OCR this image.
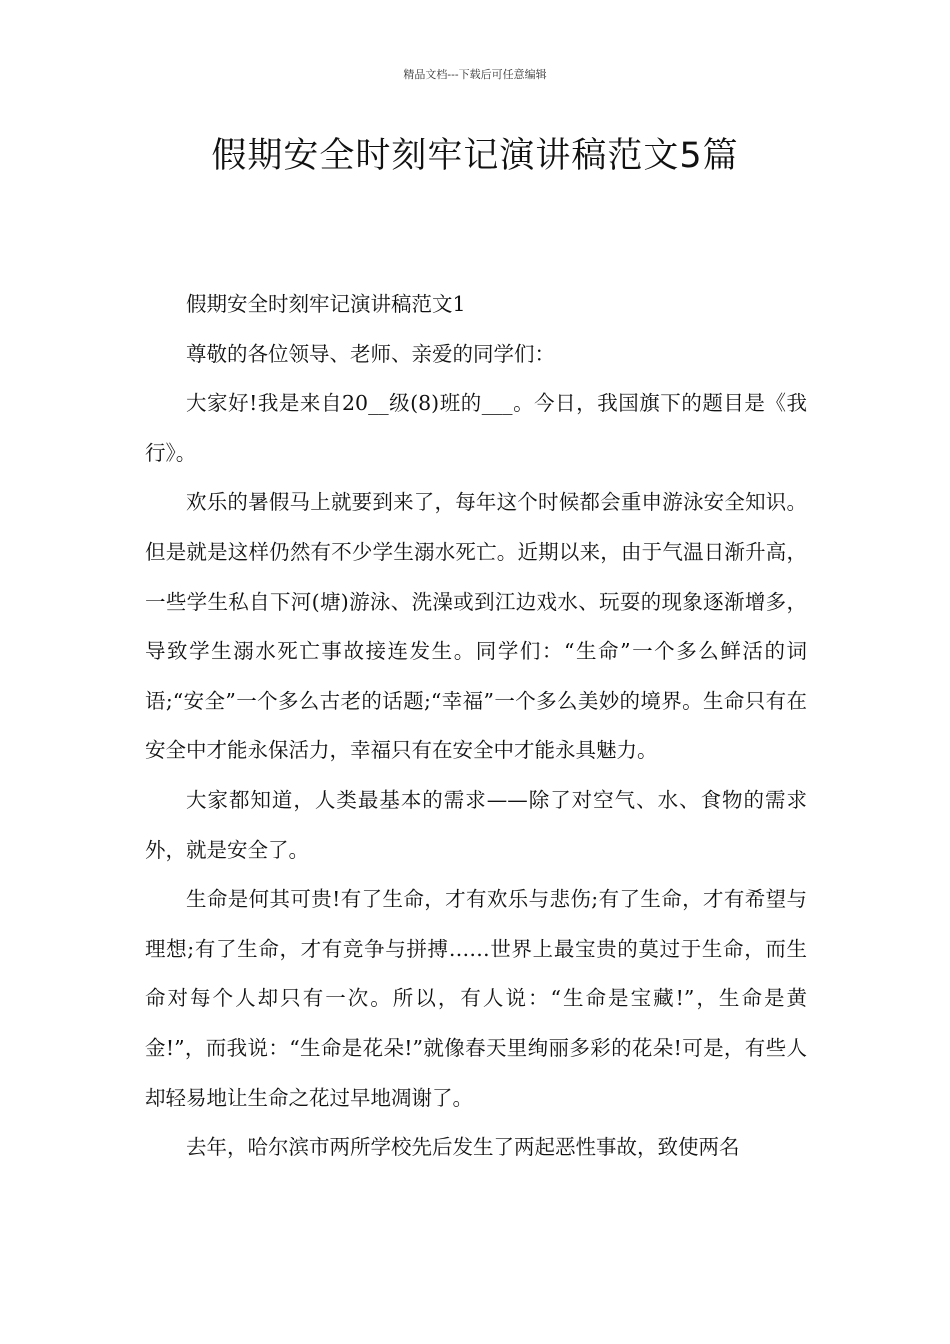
精品文档---下载后可任意编辑
假期安全时刻牢记演讲稿范文5篇

假期安全时刻牢记演讲稿范文1

尊敬的各位领导、老师、亲爱的同学们：

大家好!我是来自20__级(8)班的___。今日，我国旗下的题目是《我行》。

欢乐的暑假马上就要到来了，每年这个时候都会重申游泳安全知识。但是就是这样仍然有不少学生溺水死亡。近期以来，由于气温日渐升高，一些学生私自下河(塘)游泳、洗澡或到江边戏水、玩耍的现象逐渐增多，导致学生溺水死亡事故接连发生。同学们：“生命”一个多么鲜活的词语;“安全”一个多么古老的话题;“幸福”一个多么美妙的境界。生命只有在安全中才能永保活力，幸福只有在安全中才能永具魅力。

大家都知道，人类最基本的需求——除了对空气、水、食物的需求外，就是安全了。

生命是何其可贵!有了生命，才有欢乐与悲伤;有了生命，才有希望与理想;有了生命，才有竞争与拼搏……世界上最宝贵的莫过于生命，而生命对每个人却只有一次。所以，有人说：“生命是宝藏!”，生命是黄金!”，而我说：“生命是花朵!”就像春天里绚丽多彩的花朵!可是，有些人却轻易地让生命之花过早地凋谢了。

去年，哈尔滨市两所学校先后发生了两起恶性事故，致使两名
